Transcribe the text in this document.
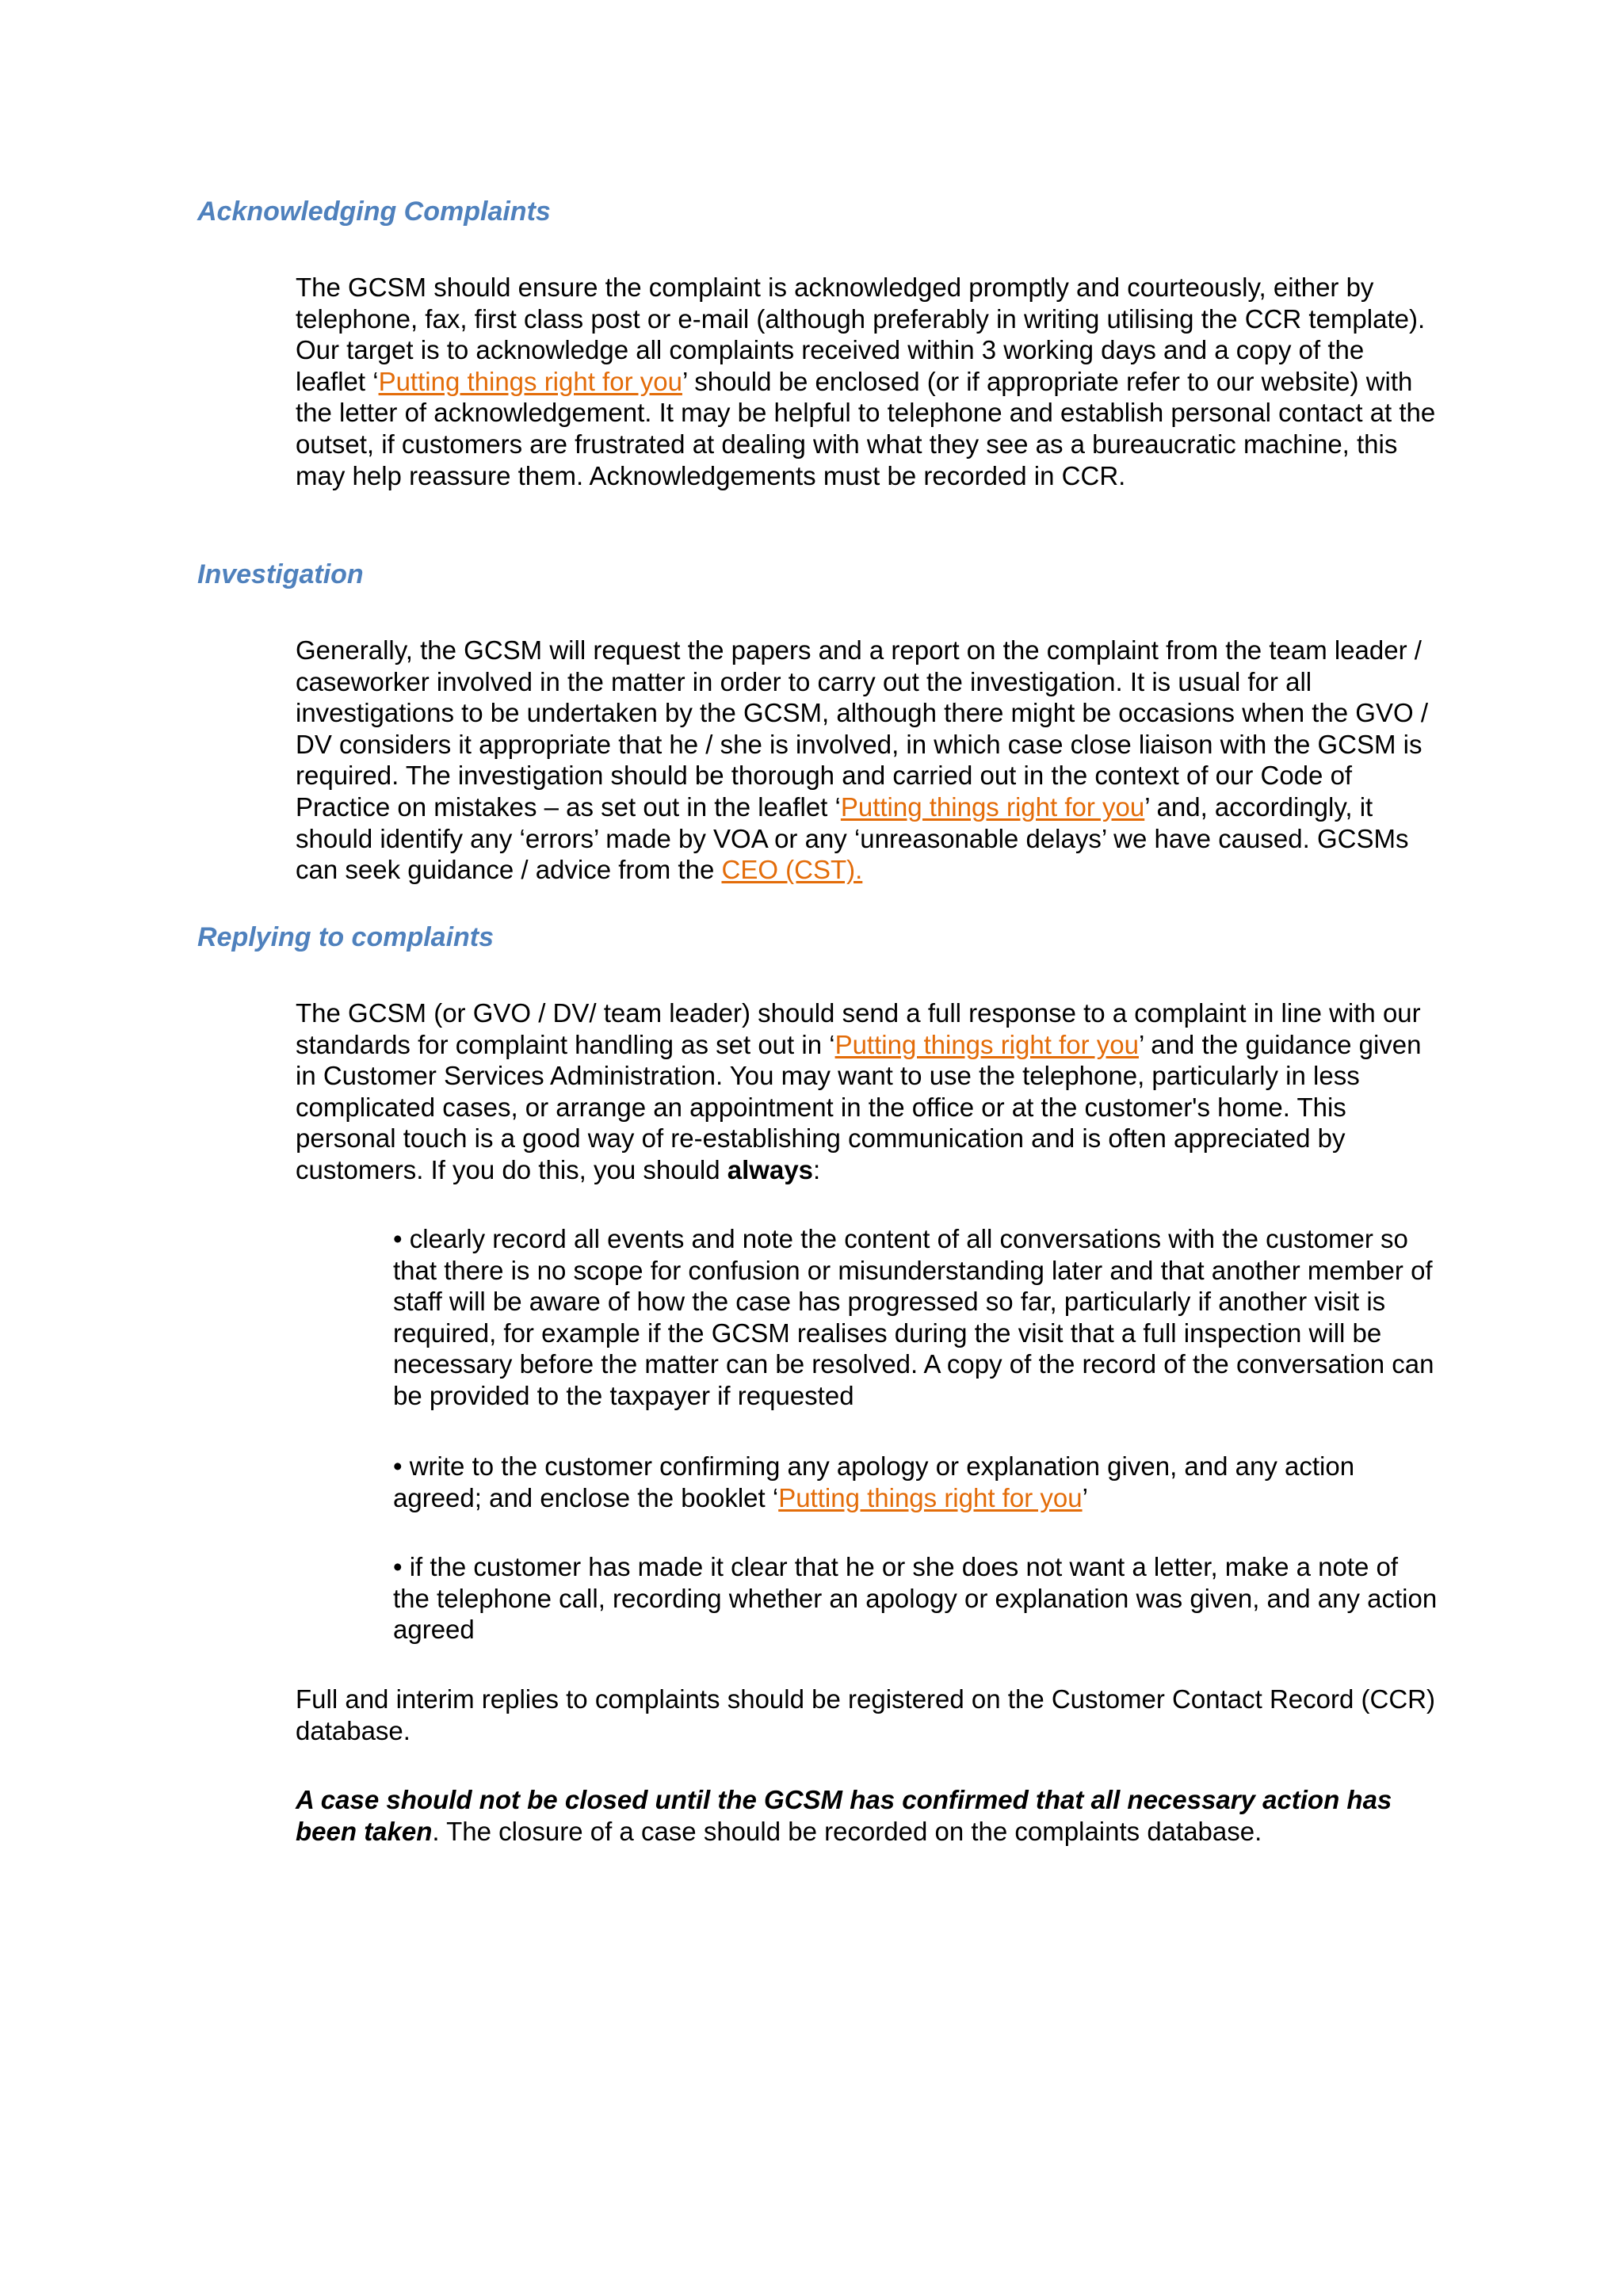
Acknowledging Complaints

The GCSM should ensure the complaint is acknowledged promptly and courteously, either by telephone, fax, first class post or e-mail (although preferably in writing utilising the CCR template). Our target is to acknowledge all complaints received within 3 working days and a copy of the leaflet ‘Putting things right for you’ should be enclosed (or if appropriate refer to our website) with the letter of acknowledgement. It may be helpful to telephone and establish personal contact at the outset, if customers are frustrated at dealing with what they see as a bureaucratic machine, this may help reassure them. Acknowledgements must be recorded in CCR.

Investigation

Generally, the GCSM will request the papers and a report on the complaint from the team leader / caseworker involved in the matter in order to carry out the investigation. It is usual for all investigations to be undertaken by the GCSM, although there might be occasions when the GVO / DV considers it appropriate that he / she is involved, in which case close liaison with the GCSM is required. The investigation should be thorough and carried out in the context of our Code of Practice on mistakes – as set out in the leaflet ‘Putting things right for you’ and, accordingly, it should identify any ‘errors’ made by VOA or any ‘unreasonable delays’ we have caused. GCSMs can seek guidance / advice from the CEO (CST).

Replying to complaints

The GCSM (or GVO / DV/ team leader) should send a full response to a complaint in line with our standards for complaint handling as set out in ‘Putting things right for you’ and the guidance given in Customer Services Administration. You may want to use the telephone, particularly in less complicated cases, or arrange an appointment in the office or at the customer's home. This personal touch is a good way of re-establishing communication and is often appreciated by customers. If you do this, you should always:

• clearly record all events and note the content of all conversations with the customer so that there is no scope for confusion or misunderstanding later and that another member of staff will be aware of how the case has progressed so far, particularly if another visit is required, for example if the GCSM realises during the visit that a full inspection will be necessary before the matter can be resolved. A copy of the record of the conversation can be provided to the taxpayer if requested

• write to the customer confirming any apology or explanation given, and any action agreed; and enclose the booklet ‘Putting things right for you’

• if the customer has made it clear that he or she does not want a letter, make a note of the telephone call, recording whether an apology or explanation was given, and any action agreed

Full and interim replies to complaints should be registered on the Customer Contact Record (CCR) database.

A case should not be closed until the GCSM has confirmed that all necessary action has been taken. The closure of a case should be recorded on the complaints database.
